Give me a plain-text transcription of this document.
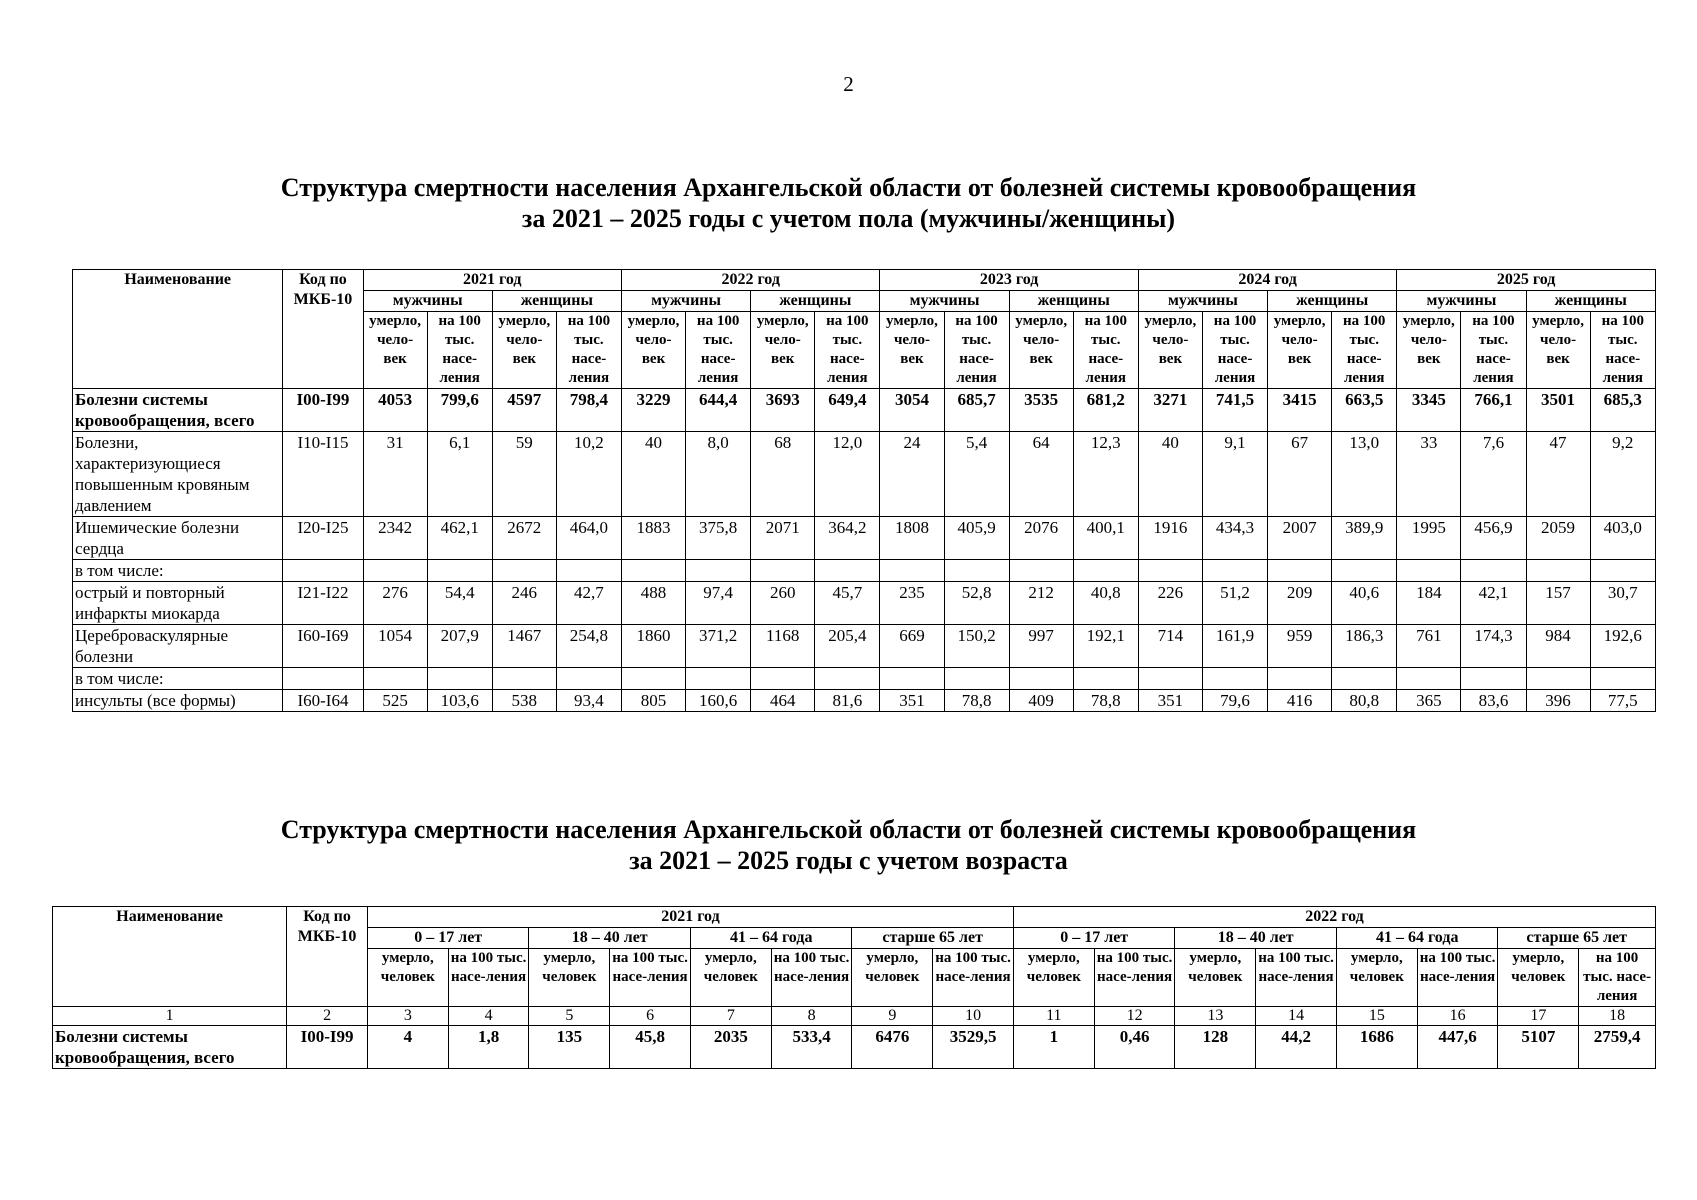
2
Структура смертности населения Архангельской области от болезней системы кровообращения
за 2021 – 2025 годы с учетом пола (мужчины/женщины)
Наименование	Код по МКБ-10	2021 год				2022 год				2023 год				2024 год				2025 год			
		мужчины		женщины		мужчины		женщины		мужчины		женщины		мужчины		женщины		мужчины		женщины	
		умерло, чело-век	на 100 тыс. насе-ления	умерло, чело-век	на 100 тыс. насе-ления	умерло, чело-век	на 100 тыс. насе-ления	умерло, чело-век	на 100 тыс. насе-ления	умерло, чело-век	на 100 тыс. насе-ления	умерло, чело-век	на 100 тыс. насе-ления	умерло, чело-век	на 100 тыс. насе-ления	умерло, чело-век	на 100 тыс. насе-ления	умерло, чело-век	на 100 тыс. насе-ления	умерло, чело-век	на 100 тыс. насе-ления
Болезни системы кровообращения, всего	I00-I99	4053	799,6	4597	798,4	3229	644,4	3693	649,4	3054	685,7	3535	681,2	3271	741,5	3415	663,5	3345	766,1	3501	685,3
Болезни, характеризующиеся повышенным кровяным давлением	I10-I15	31	6,1	59	10,2	40	8,0	68	12,0	24	5,4	64	12,3	40	9,1	67	13,0	33	7,6	47	9,2
Ишемические болезни сердца	I20-I25	2342	462,1	2672	464,0	1883	375,8	2071	364,2	1808	405,9	2076	400,1	1916	434,3	2007	389,9	1995	456,9	2059	403,0
в том числе:																					
острый и повторный инфаркты миокарда	I21-I22	276	54,4	246	42,7	488	97,4	260	45,7	235	52,8	212	40,8	226	51,2	209	40,6	184	42,1	157	30,7
Цереброваскулярные болезни	I60-I69	1054	207,9	1467	254,8	1860	371,2	1168	205,4	669	150,2	997	192,1	714	161,9	959	186,3	761	174,3	984	192,6
в том числе:																					
инсульты (все формы)	I60-I64	525	103,6	538	93,4	805	160,6	464	81,6	351	78,8	409	78,8	351	79,6	416	80,8	365	83,6	396	77,5
Структура смертности населения Архангельской области от болезней системы кровообращения
за 2021 – 2025 годы с учетом возраста
Наименование	Код по МКБ-10	2021 год								2022 год							
		0 – 17 лет		18 – 40 лет		41 – 64 года		старше 65 лет		0 – 17 лет		18 – 40 лет		41 – 64 года		старше 65 лет	
		умерло, человек	на 100 тыс. насе-ления	умерло, человек	на 100 тыс. насе-ления	умерло, человек	на 100 тыс. насе-ления	умерло, человек	на 100 тыс. насе-ления	умерло, человек	на 100 тыс. насе-ления	умерло, человек	на 100 тыс. насе-ления	умерло, человек	на 100 тыс. насе-ления	умерло, человек	на 100 тыс. насе-ления
1	2	3	4	5	6	7	8	9	10	11	12	13	14	15	16	17	18
Болезни системы кровообращения, всего	I00-I99	4	1,8	135	45,8	2035	533,4	6476	3529,5	1	0,46	128	44,2	1686	447,6	5107	2759,4
